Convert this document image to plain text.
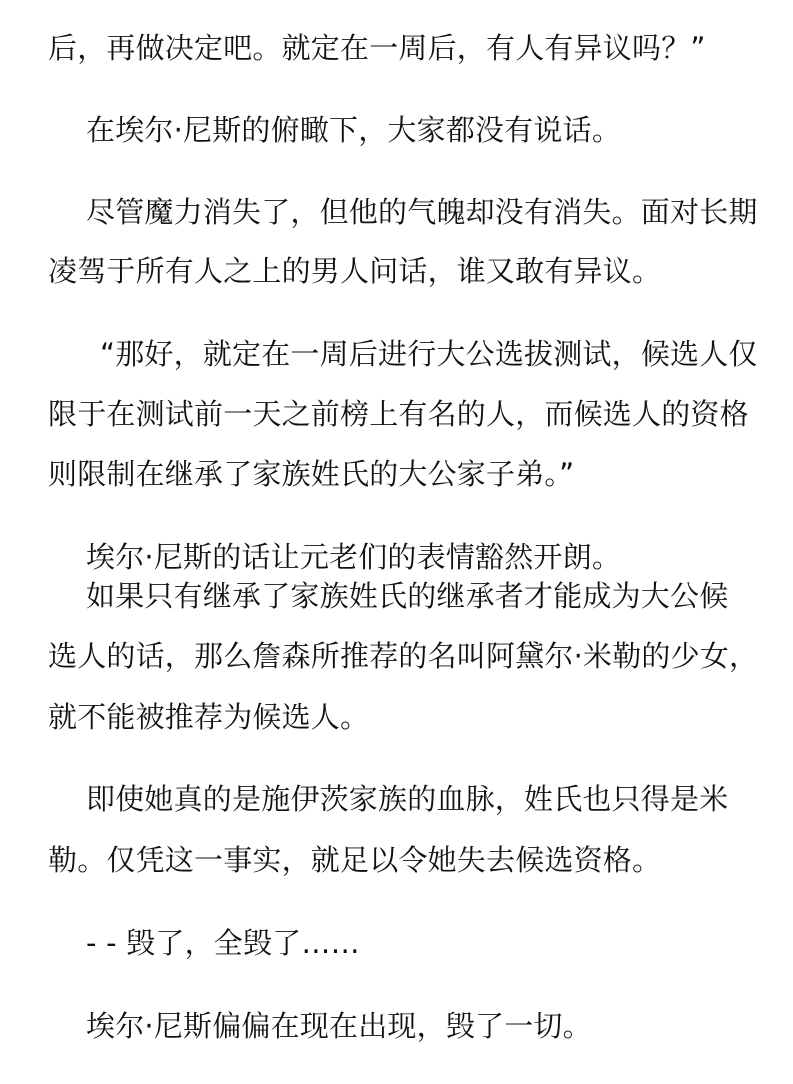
后，再做决定吧。就定在一周后，有人有异议吗？”
在埃尔·尼斯的俯瞰下，大家都没有说话。
尽管魔力消失了，但他的气魄却没有消失。面对长期
凌驾于所有人之上的男人问话，谁又敢有异议。
“那好，就定在一周后进行大公选拔测试，候选人仅
限于在测试前一天之前榜上有名的人，而候选人的资格
则限制在继承了家族姓氏的大公家子弟。”
埃尔·尼斯的话让元老们的表情豁然开朗。
如果只有继承了家族姓氏的继承者才能成为大公候
选人的话，那么詹森所推荐的名叫阿黛尔·米勒的少女，
就不能被推荐为候选人。
即使她真的是施伊茨家族的血脉，姓氏也只得是米
勒。仅凭这一事实，就足以令她失去候选资格。
- - 毁了，全毁了……
埃尔·尼斯偏偏在现在出现，毁了一切。
